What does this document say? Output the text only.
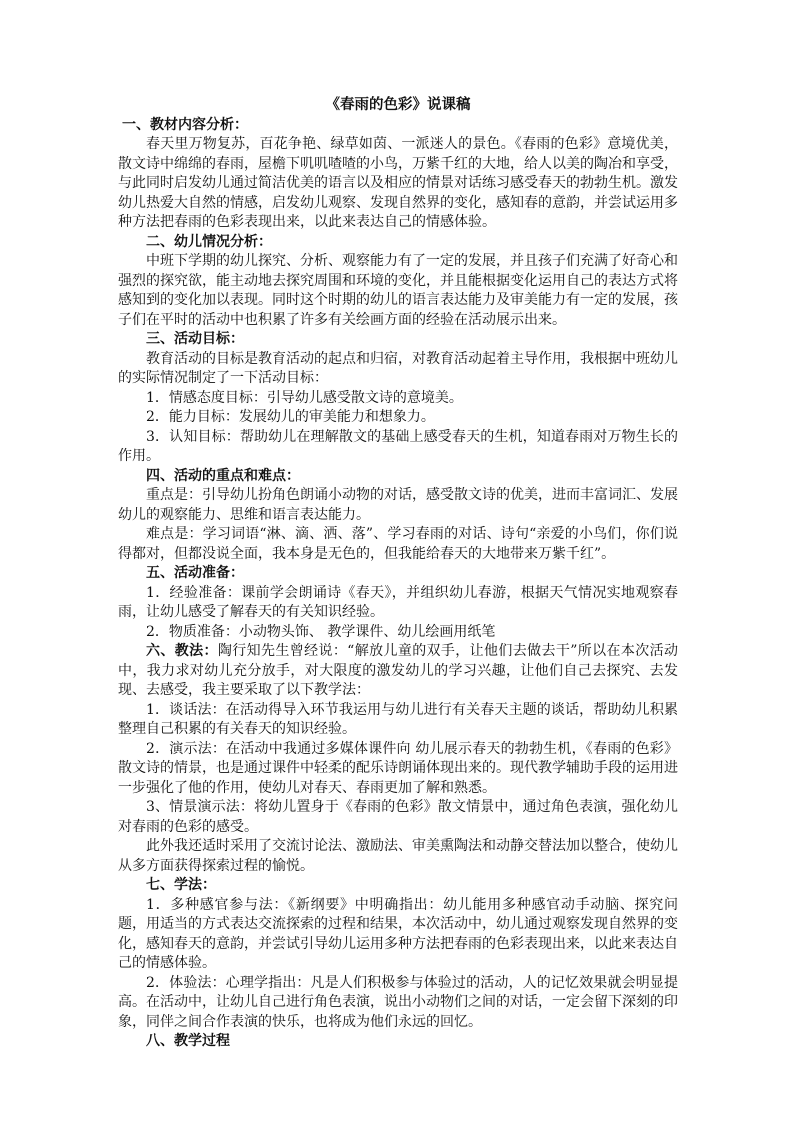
《春雨的色彩》说课稿
一、教材内容分析：

春天里万物复苏，百花争艳、绿草如茵、一派迷人的景色。《春雨的色彩》意境优美，散文诗中绵绵的春雨，屋檐下叽叽喳喳的小鸟，万紫千红的大地，给人以美的陶冶和享受，与此同时启发幼儿通过简洁优美的语言以及相应的情景对话练习感受春天的勃勃生机。激发幼儿热爱大自然的情感，启发幼儿观察、发现自然界的变化，感知春的意韵，并尝试运用多种方法把春雨的色彩表现出来，以此来表达自己的情感体验。

二、幼儿情况分析：

中班下学期的幼儿探究、分析、观察能力有了一定的发展，并且孩子们充满了好奇心和强烈的探究欲，能主动地去探究周围和环境的变化，并且能根据变化运用自己的表达方式将感知到的变化加以表现。同时这个时期的幼儿的语言表达能力及审美能力有一定的发展，孩子们在平时的活动中也积累了许多有关绘画方面的经验在活动展示出来。

三、活动目标：

教育活动的目标是教育活动的起点和归宿，对教育活动起着主导作用，我根据中班幼儿的实际情况制定了一下活动目标：

1．情感态度目标：引导幼儿感受散文诗的意境美。

2．能力目标：发展幼儿的审美能力和想象力。

3．认知目标：帮助幼儿在理解散文的基础上感受春天的生机，知道春雨对万物生长的作用。

四、活动的重点和难点：

重点是：引导幼儿扮角色朗诵小动物的对话，感受散文诗的优美，进而丰富词汇、发展幼儿的观察能力、思维和语言表达能力。

难点是：学习词语“淋、滴、洒、落”、学习春雨的对话、诗句“亲爱的小鸟们，你们说得都对，但都没说全面，我本身是无色的，但我能给春天的大地带来万紫千红”。

五、活动准备：

1．经验准备：课前学会朗诵诗《春天》，并组织幼儿春游，根据天气情况实地观察春雨，让幼儿感受了解春天的有关知识经验。

2．物质准备：小动物头饰、 教学课件、幼儿绘画用纸笔

六、教法：陶行知先生曾经说：“解放儿童的双手，让他们去做去干”所以在本次活动中，我力求对幼儿充分放手，对大限度的激发幼儿的学习兴趣，让他们自己去探究、去发现、去感受，我主要采取了以下教学法：

1．谈话法：在活动得导入环节我运用与幼儿进行有关春天主题的谈话，帮助幼儿积累整理自己积累的有关春天的知识经验。

2．演示法：在活动中我通过多媒体课件向 幼儿展示春天的勃勃生机，《春雨的色彩》散文诗的情景，也是通过课件中轻柔的配乐诗朗诵体现出来的。现代教学辅助手段的运用进一步强化了他的作用，使幼儿对春天、春雨更加了解和熟悉。

3、情景演示法：将幼儿置身于《春雨的色彩》散文情景中，通过角色表演，强化幼儿对春雨的色彩的感受。

此外我还适时采用了交流讨论法、激励法、审美熏陶法和动静交替法加以整合，使幼儿从多方面获得探索过程的愉悦。

七、学法：

1．多种感官参与法：《新纲要》中明确指出：幼儿能用多种感官动手动脑、探究问题，用适当的方式表达交流探索的过程和结果，本次活动中，幼儿通过观察发现自然界的变化，感知春天的意韵，并尝试引导幼儿运用多种方法把春雨的色彩表现出来，以此来表达自己的情感体验。

2．体验法：心理学指出：凡是人们积极参与体验过的活动，人的记忆效果就会明显提高。在活动中，让幼儿自己进行角色表演，说出小动物们之间的对话，一定会留下深刻的印象，同伴之间合作表演的快乐，也将成为他们永远的回忆。

八、教学过程
